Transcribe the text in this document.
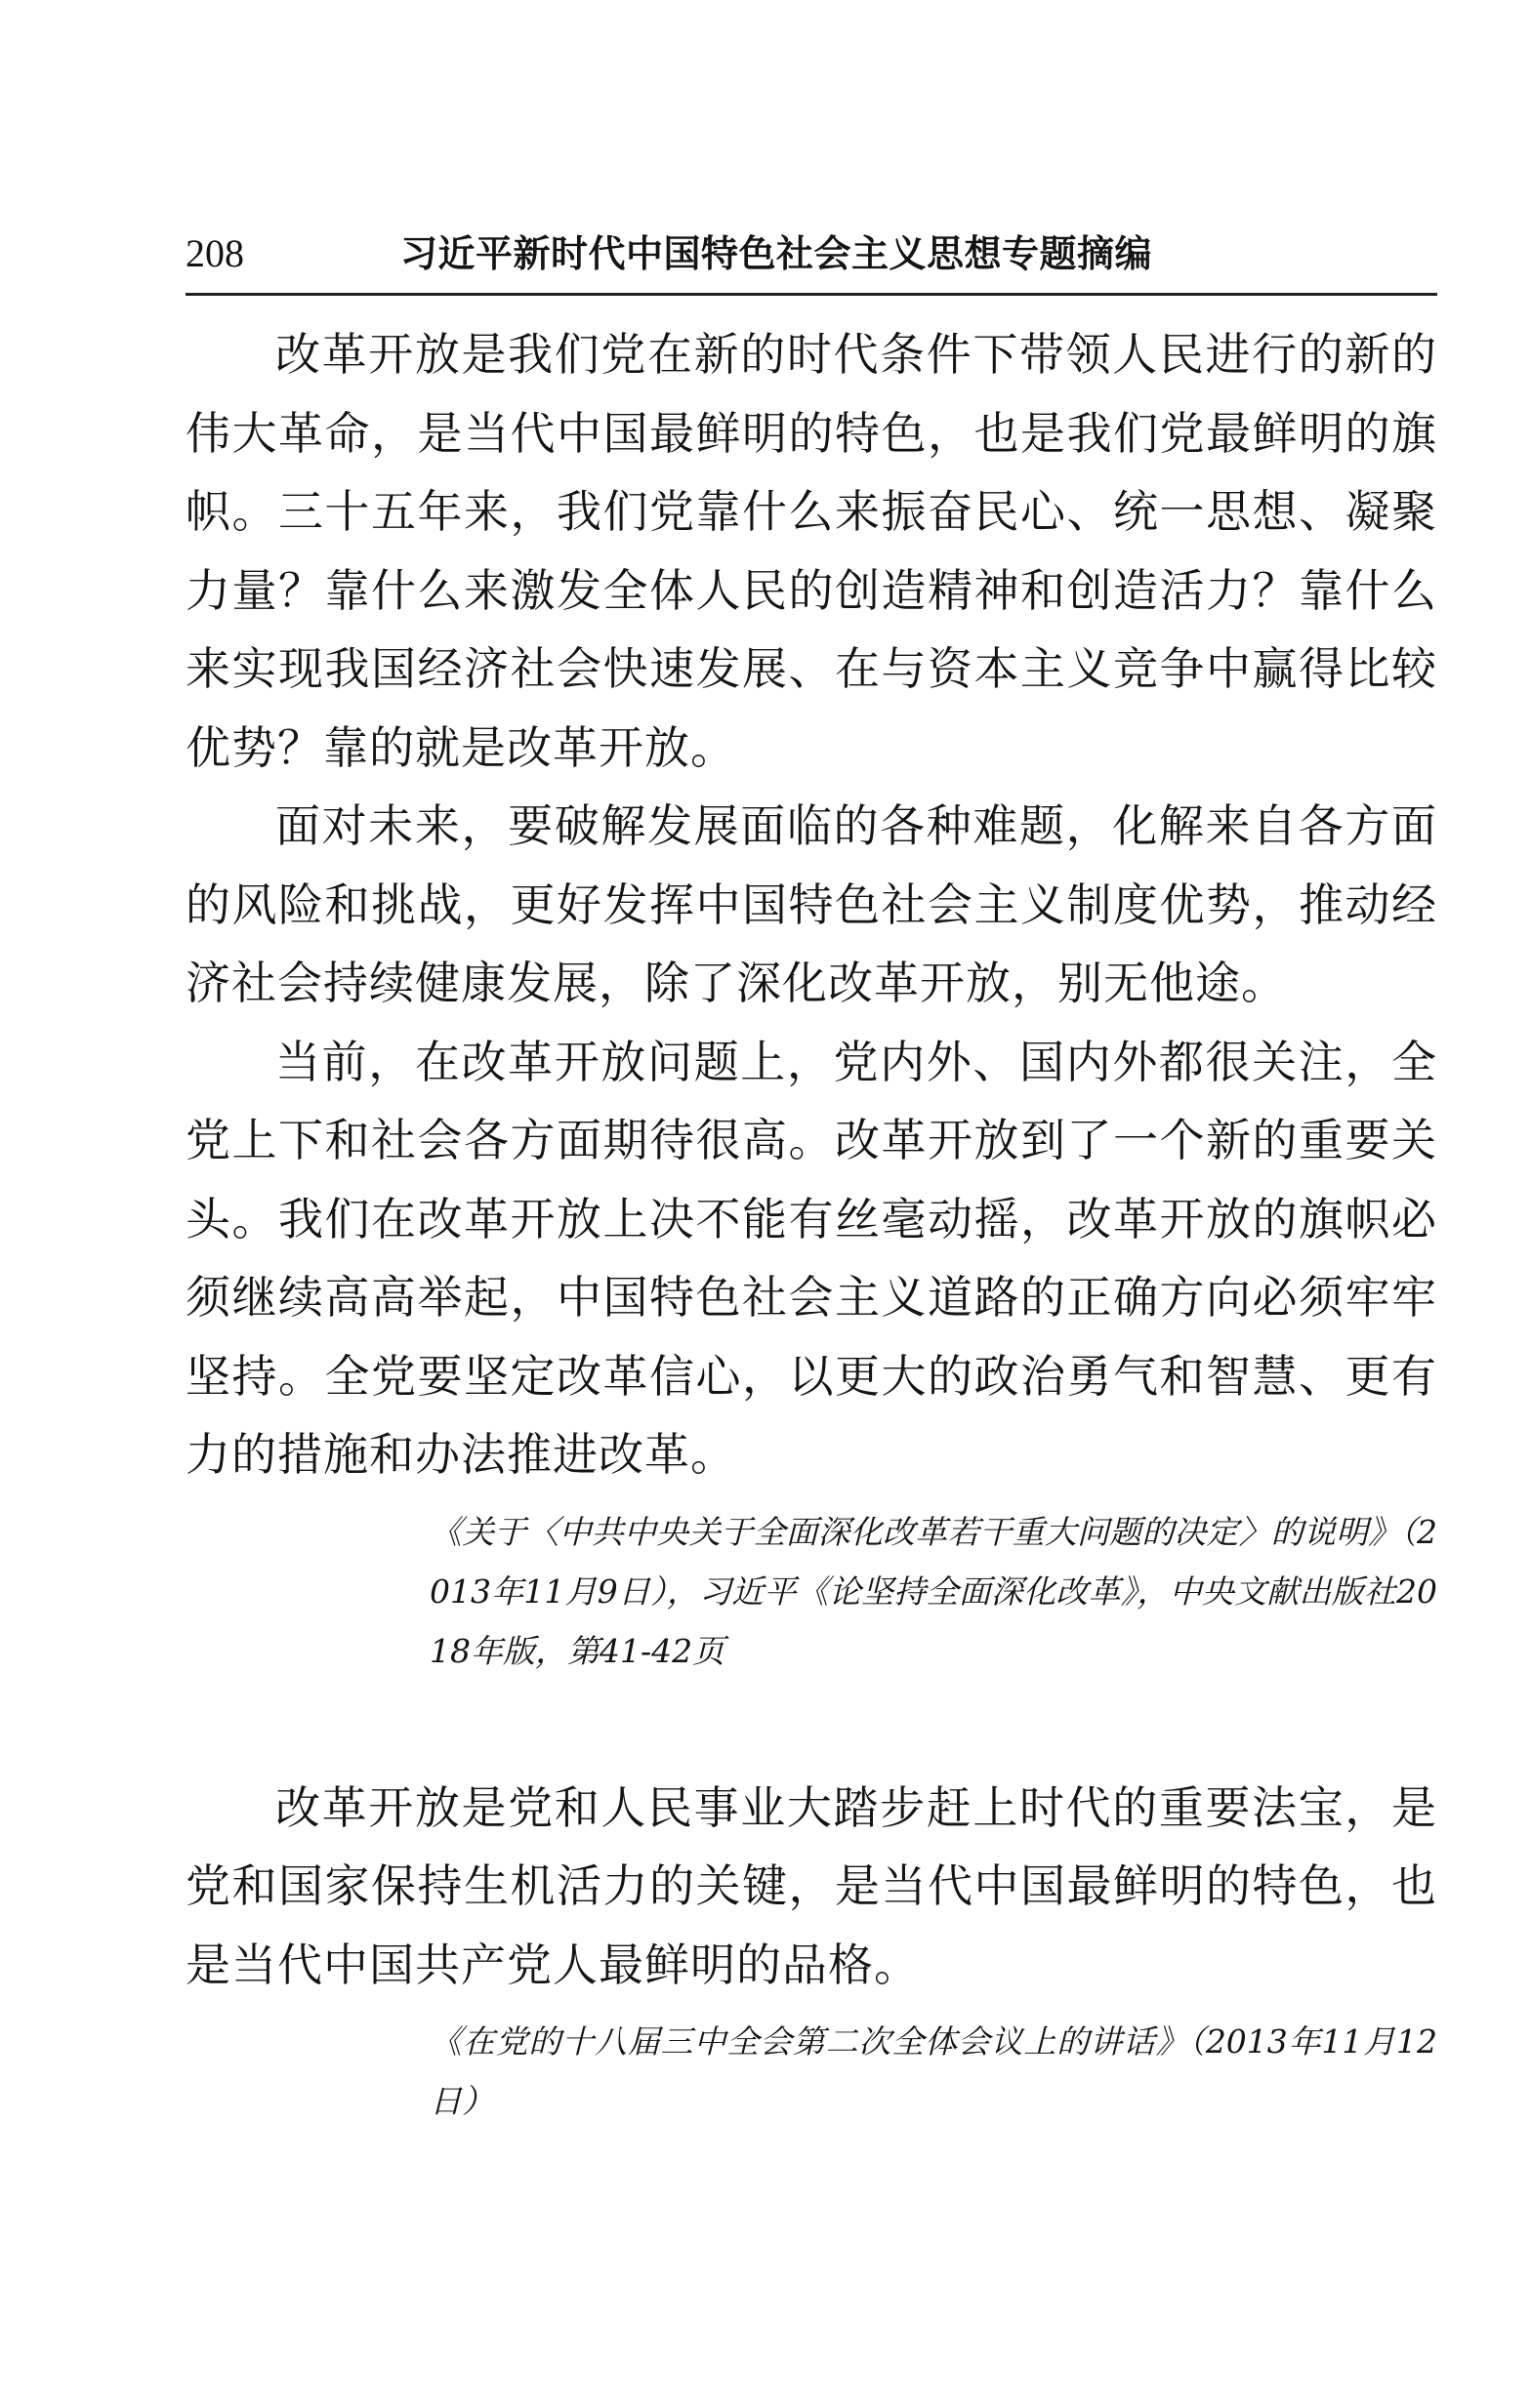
208	习近平新时代中国特色社会主义思想专题摘编

改革开放是我们党在新的时代条件下带领人民进行的新的伟大革命，是当代中国最鲜明的特色，也是我们党最鲜明的旗帜。三十五年来，我们党靠什么来振奋民心、统一思想、凝聚力量？靠什么来激发全体人民的创造精神和创造活力？靠什么来实现我国经济社会快速发展、在与资本主义竞争中赢得比较优势？靠的就是改革开放。

面对未来，要破解发展面临的各种难题，化解来自各方面的风险和挑战，更好发挥中国特色社会主义制度优势，推动经济社会持续健康发展，除了深化改革开放，别无他途。

当前，在改革开放问题上，党内外、国内外都很关注，全党上下和社会各方面期待很高。改革开放到了一个新的重要关头。我们在改革开放上决不能有丝毫动摇，改革开放的旗帜必须继续高高举起，中国特色社会主义道路的正确方向必须牢牢坚持。全党要坚定改革信心，以更大的政治勇气和智慧、更有力的措施和办法推进改革。

《关于〈中共中央关于全面深化改革若干重大问题的决定〉的说明》（2013年11月9日），习近平《论坚持全面深化改革》，中央文献出版社2018年版，第41-42页

改革开放是党和人民事业大踏步赶上时代的重要法宝，是党和国家保持生机活力的关键，是当代中国最鲜明的特色，也是当代中国共产党人最鲜明的品格。

《在党的十八届三中全会第二次全体会议上的讲话》（2013年11月12日）
